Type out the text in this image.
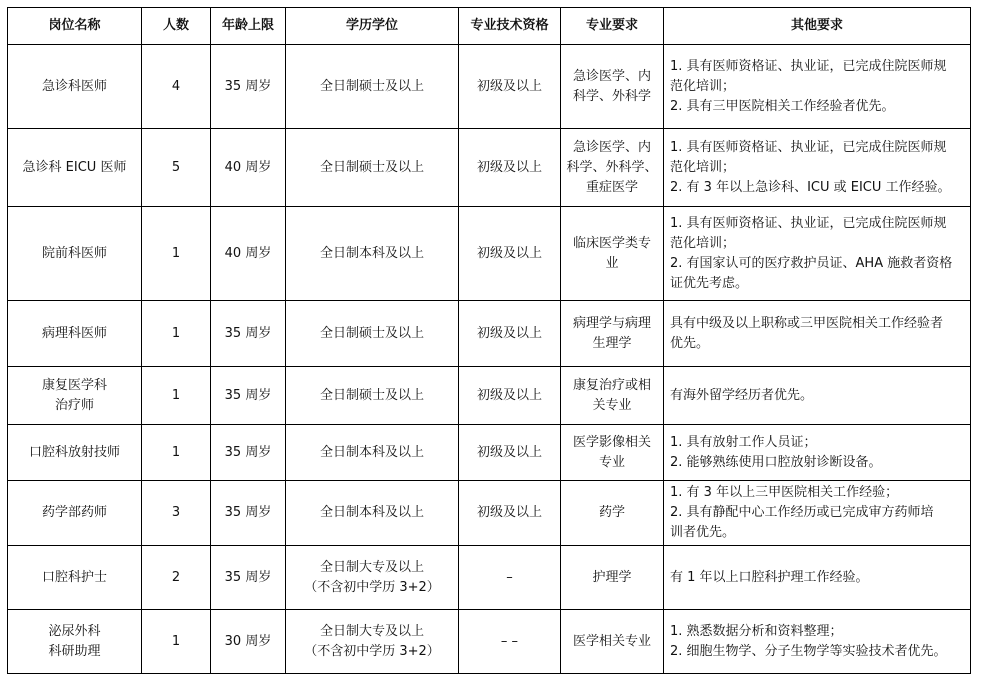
岗位名称	人数	年龄上限	学历学位	专业技术资格	专业要求	其他要求

急诊科医师	4	35 周岁	全日制硕士及以上	初级及以上	急诊医学、内
科学、外科学	1. 具有医师资格证、执业证，已完成住院医师规
范化培训；
2. 具有三甲医院相关工作经验者优先。

急诊科 EICU 医师	5	40 周岁	全日制硕士及以上	初级及以上	急诊医学、内
科学、外科学、
重症医学	1. 具有医师资格证、执业证，已完成住院医师规
范化培训；
2. 有 3 年以上急诊科、ICU 或 EICU 工作经验。

院前科医师	1	40 周岁	全日制本科及以上	初级及以上	临床医学类专
业	1. 具有医师资格证、执业证，已完成住院医师规
范化培训；
2. 有国家认可的医疗救护员证、AHA 施救者资格
证优先考虑。

病理科医师	1	35 周岁	全日制硕士及以上	初级及以上	病理学与病理
生理学	具有中级及以上职称或三甲医院相关工作经验者
优先。

康复医学科
治疗师	1	35 周岁	全日制硕士及以上	初级及以上	康复治疗或相
关专业	有海外留学经历者优先。

口腔科放射技师	1	35 周岁	全日制本科及以上	初级及以上	医学影像相关
专业	1. 具有放射工作人员证；
2. 能够熟练使用口腔放射诊断设备。

药学部药师	3	35 周岁	全日制本科及以上	初级及以上	药学	1. 有 3 年以上三甲医院相关工作经验；
2. 具有静配中心工作经历或已完成审方药师培
训者优先。

口腔科护士	2	35 周岁	全日制大专及以上
（不含初中学历 3+2）	–	护理学	有 1 年以上口腔科护理工作经验。

泌尿外科
科研助理	1	30 周岁	全日制大专及以上
（不含初中学历 3+2）	– –	医学相关专业	1. 熟悉数据分析和资料整理；
2. 细胞生物学、分子生物学等实验技术者优先。
